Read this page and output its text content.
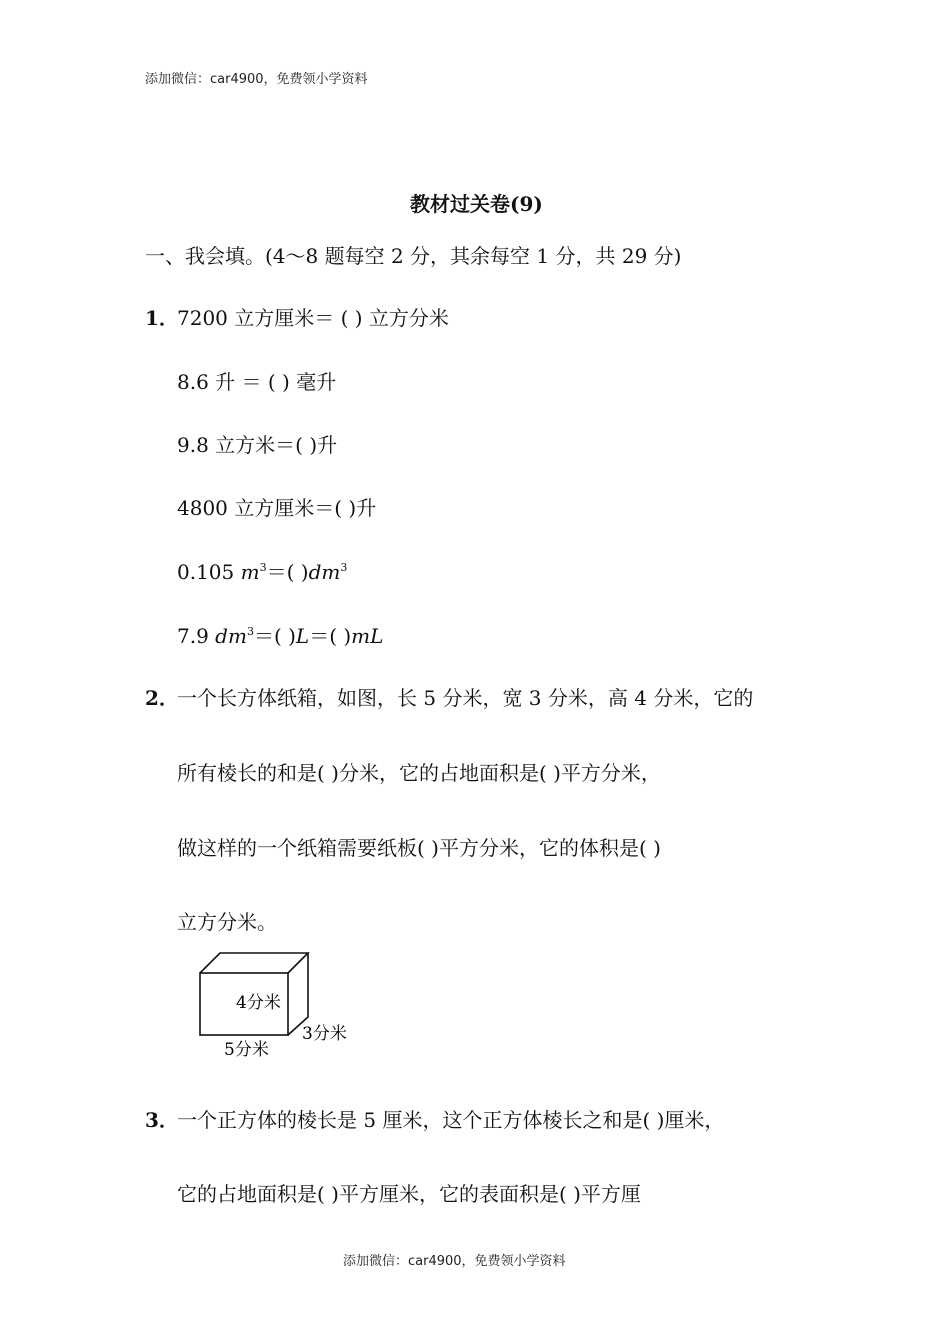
添加微信：car4900，免费领小学资料
教材过关卷(9)
一、我会填。(4～8 题每空 2 分，其余每空 1 分，共 29 分)
1．7200 立方厘米＝ ( ) 立方分米
8.6 升 ＝ ( ) 毫升
9.8 立方米＝( )升
4800 立方厘米＝( )升
0.105 $m^3=$( )$dm^3$
7.9 $dm^3=$( )L＝( )mL
2．一个长方体纸箱，如图，长 5 分米，宽 3 分米，高 4 分米，它的
所有棱长的和是( )分米，它的占地面积是( )平方分米，
做这样的一个纸箱需要纸板( )平方分米，它的体积是( )
立方分米。
4分米
3分米
5分米
3．一个正方体的棱长是 5 厘米，这个正方体棱长之和是( )厘米，
它的占地面积是( )平方厘米，它的表面积是( )平方厘
添加微信：car4900，免费领小学资料
